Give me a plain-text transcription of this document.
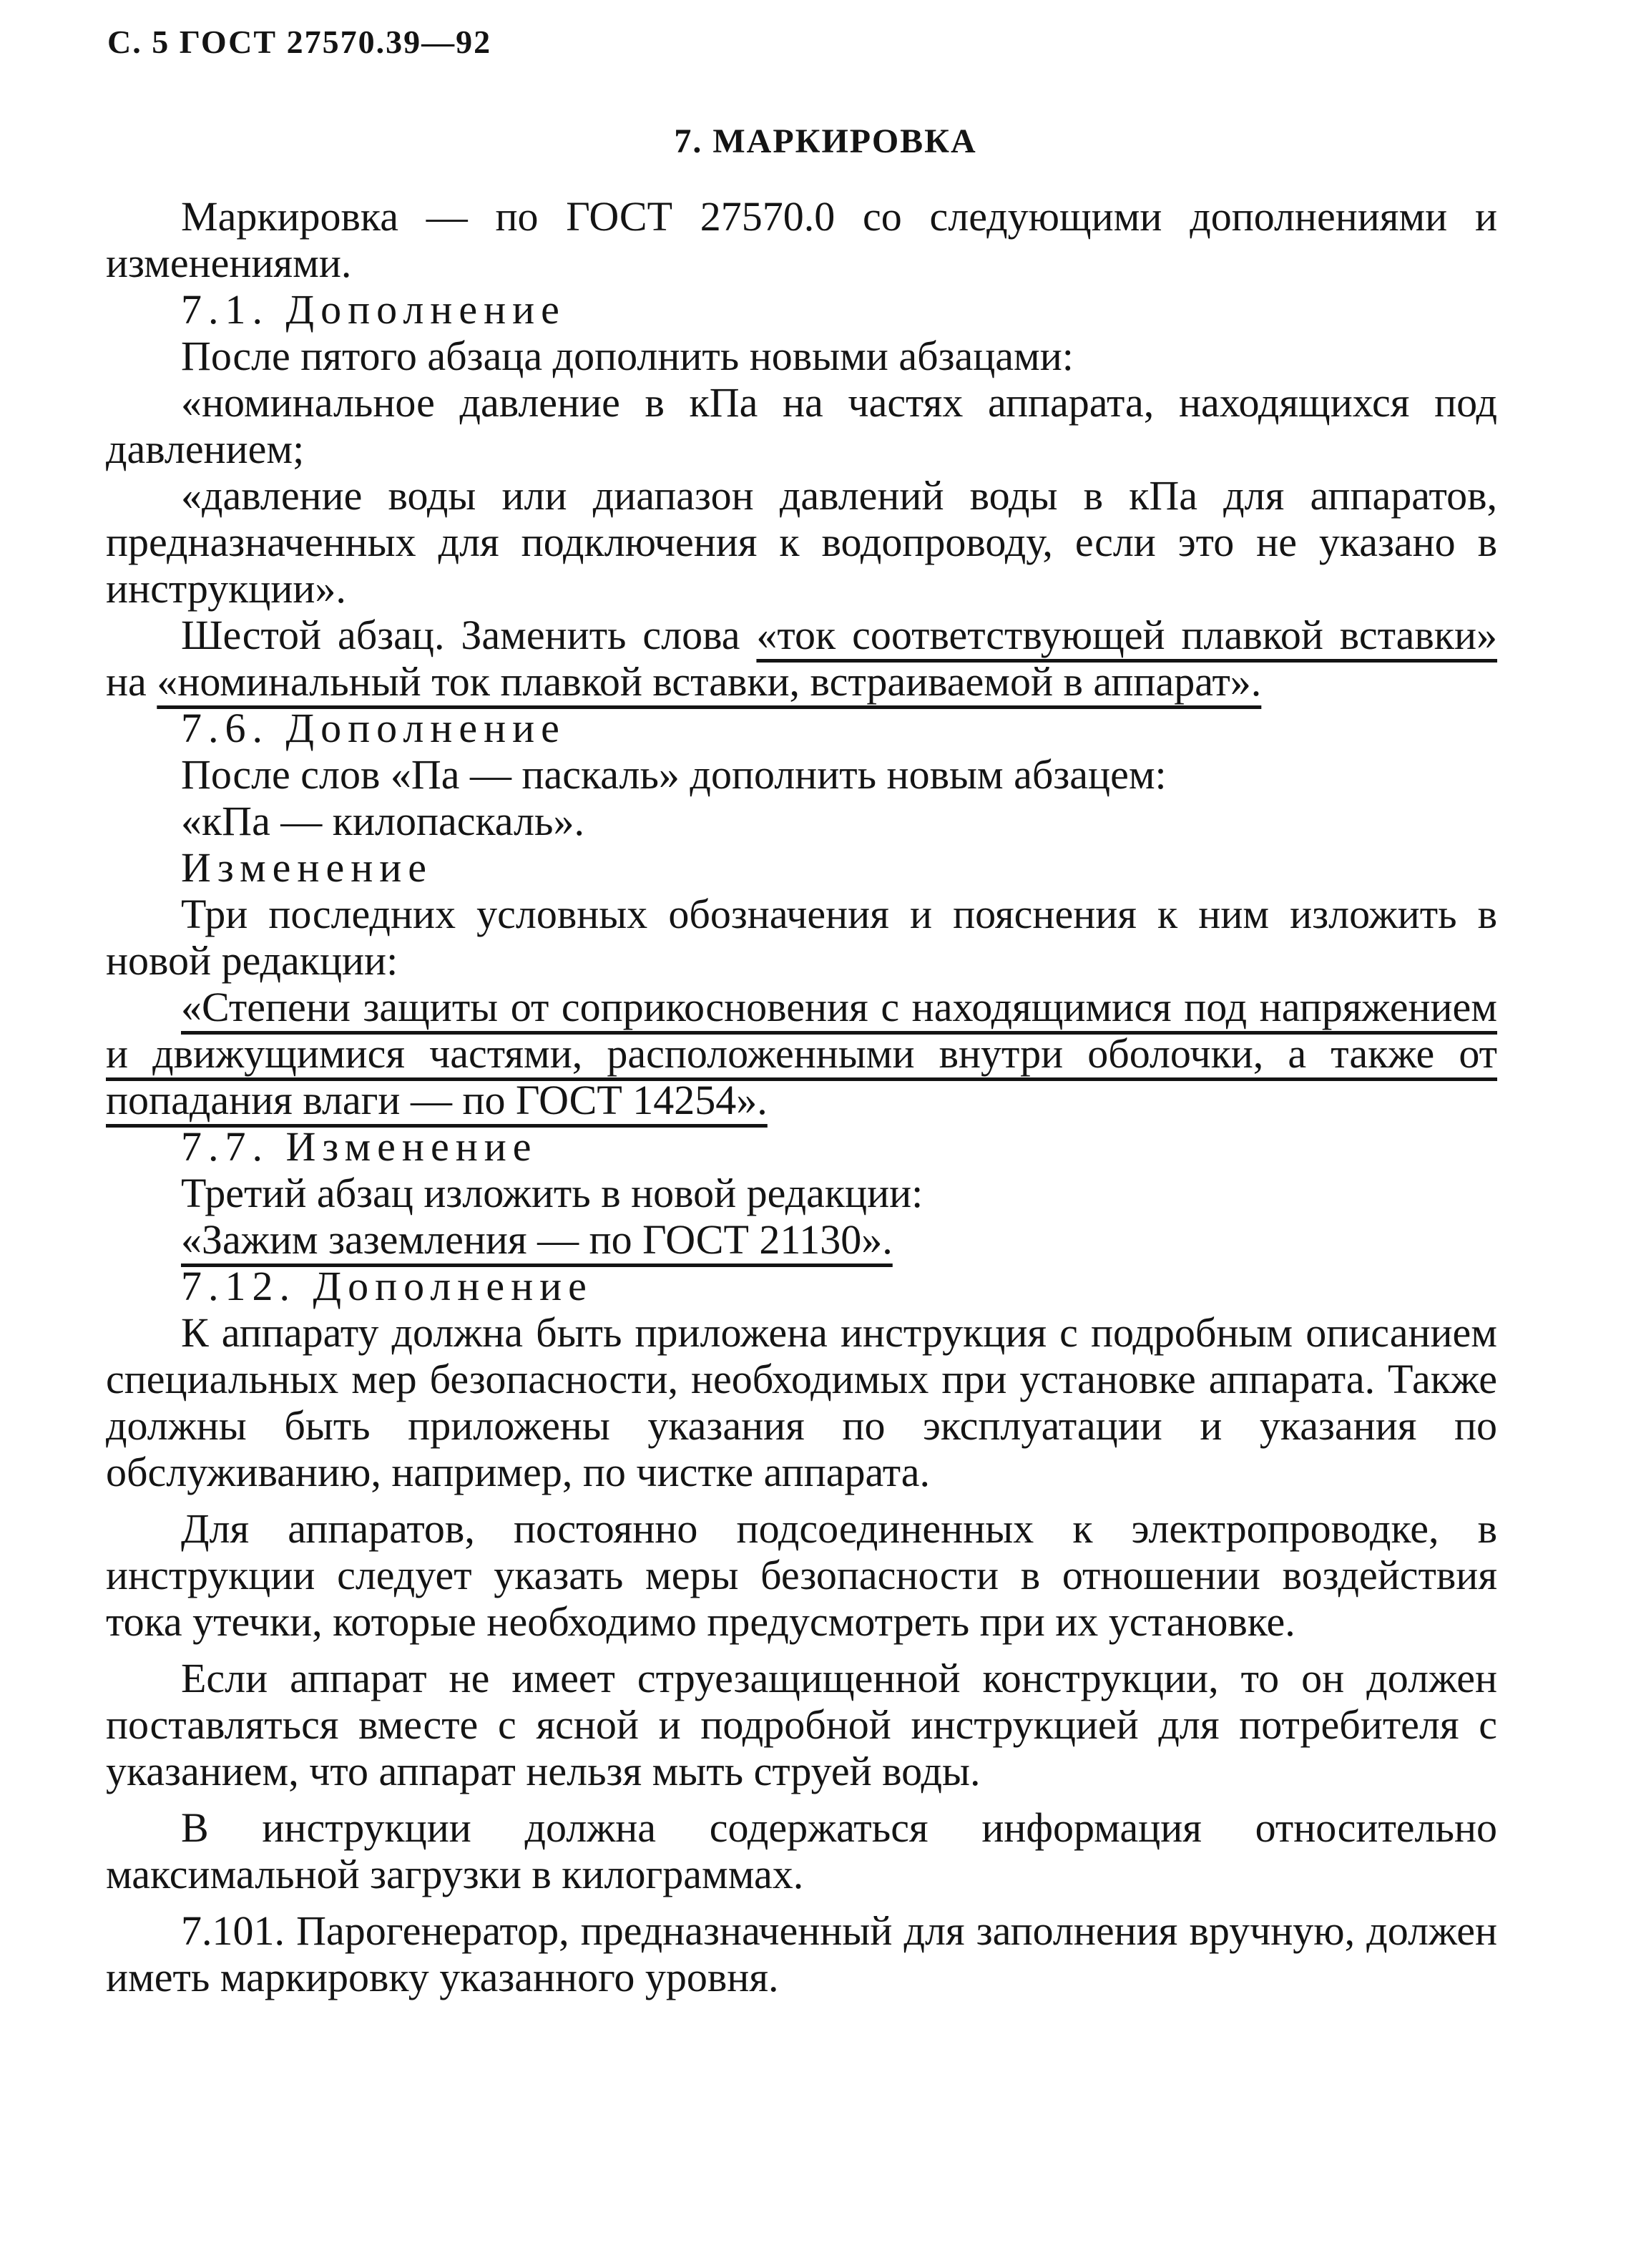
С. 5 ГОСТ 27570.39—92
7. МАРКИРОВКА

Маркировка — по ГОСТ 27570.0 со следующими дополнениями и изменениями.

7.1. Дополнение

После пятого абзаца дополнить новыми абзацами:

«номинальное давление в кПа на частях аппарата, находящихся под давлением;

«давление воды или диапазон давлений воды в кПа для аппаратов, предназначенных для подключения к водопроводу, если это не указано в инструкции».

Шестой абзац. Заменить слова «ток соответствующей плавкой вставки» на «номинальный ток плавкой вставки, встраиваемой в аппарат».

7.6. Дополнение

После слов «Па — паскаль» дополнить новым абзацем:

«кПа — килопаскаль».

Изменение

Три последних условных обозначения и пояснения к ним изложить в новой редакции:

«Степени защиты от соприкосновения с находящимися под напряжением и движущимися частями, расположенными внутри оболочки, а также от попадания влаги — по ГОСТ 14254».

7.7. Изменение

Третий абзац изложить в новой редакции:

«Зажим заземления — по ГОСТ 21130».

7.12. Дополнение

К аппарату должна быть приложена инструкция с подробным описанием специальных мер безопасности, необходимых при установке аппарата. Также должны быть приложены указания по эксплуатации и указания по обслуживанию, например, по чистке аппарата.

Для аппаратов, постоянно подсоединенных к электропроводке, в инструкции следует указать меры безопасности в отношении воздействия тока утечки, которые необходимо предусмотреть при их установке.

Если аппарат не имеет струезащищенной конструкции, то он должен поставляться вместе с ясной и подробной инструкцией для потребителя с указанием, что аппарат нельзя мыть струей воды.

В инструкции должна содержаться информация относительно максимальной загрузки в килограммах.

7.101. Парогенератор, предназначенный для заполнения вручную, должен иметь маркировку указанного уровня.
